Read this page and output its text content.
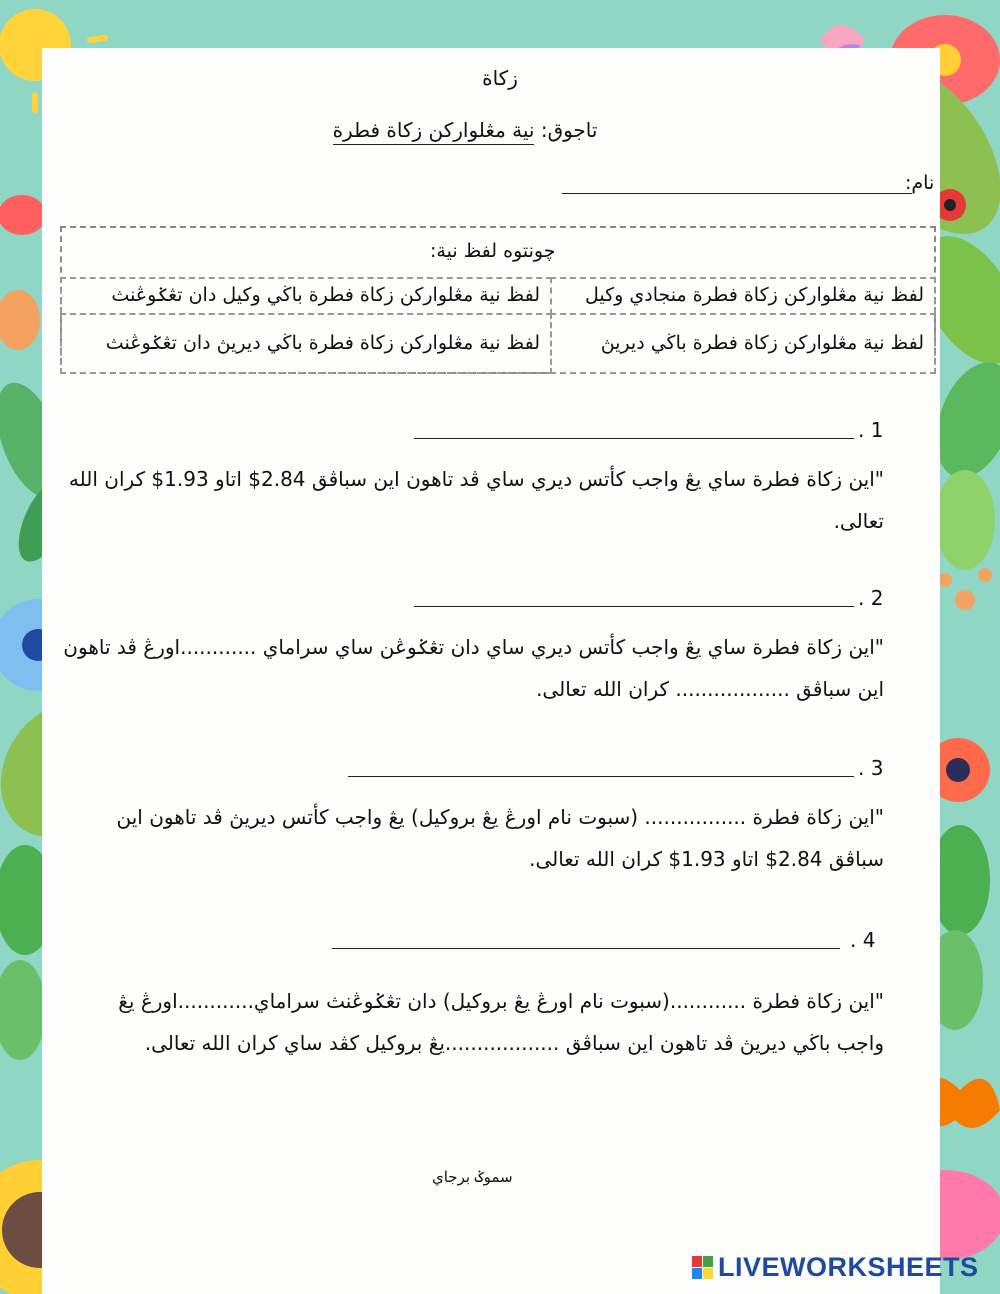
زكاة
تاجوق: نية مڠلواركن زكاة فطرة
نام:
چونتوه لفظ نية:
لفظ نية مڠلواركن زكاة فطرة منجادي وكيل
لفظ نية مڠلواركن زكاة فطرة باڬي وكيل دان تڠݢوڠنث
لفظ نية مڠلواركن زكاة فطرة باڬي ديريڽ
لفظ نية مڠلواركن زكاة فطرة باڬي ديريڽ دان تڠݢوڠنث
. 1
"اين زكاة فطرة ساي يڠ واجب كأتس ديري ساي ڤد تاهون اين سباڤق 2.84$ اتاو 1.93$ كران الله تعالى.
. 2
"اين زكاة فطرة ساي يڠ واجب كأتس ديري ساي دان تڠݢوڠن ساي سراماي ............اورڠ ڤد تاهون اين سباڤق .................. كران الله تعالى.
. 3
"اين زكاة فطرة ................ (سبوت نام اورڠ يڠ بروكيل) يڠ واجب كأتس ديريڽ ڤد تاهون اين سباڤق 2.84$ اتاو 1.93$ كران الله تعالى.
. 4
"اين زكاة فطرة ............(سبوت نام اورڠ يڠ بروكيل) دان تڠݢوڠنث سراماي............اورڠ يڠ واجب باڬي ديريڽ ڤد تاهون اين سباڤق ..................يڠ بروكيل كڤد ساي كران الله تعالى.
سموݢ برجاي
LIVEWORKSHEETS
